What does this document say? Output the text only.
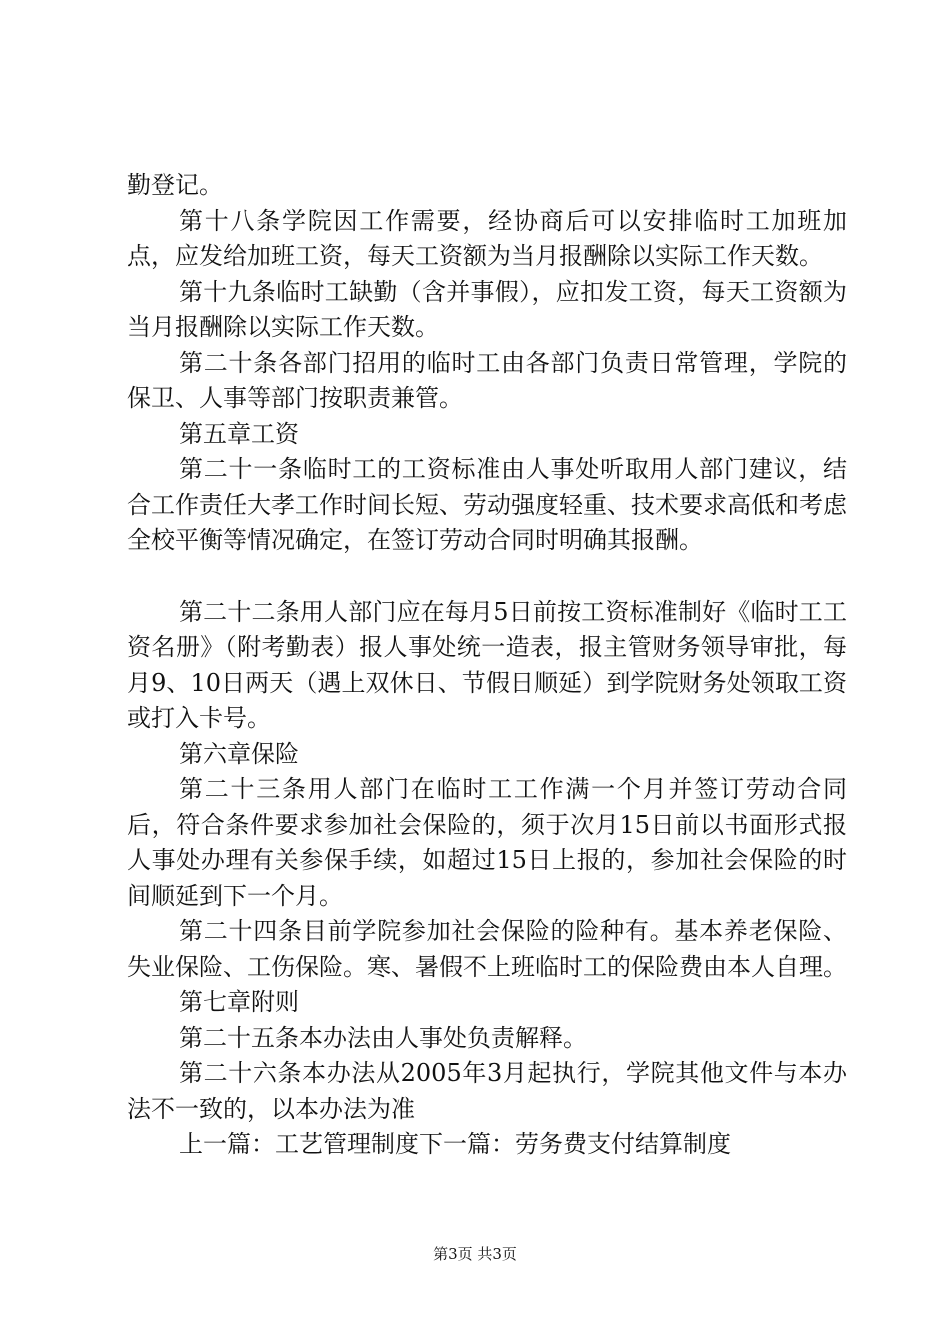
勤登记。

第十八条学院因工作需要，经协商后可以安排临时工加班加点，应发给加班工资，每天工资额为当月报酬除以实际工作天数。

第十九条临时工缺勤（含并事假），应扣发工资，每天工资额为当月报酬除以实际工作天数。

第二十条各部门招用的临时工由各部门负责日常管理，学院的保卫、人事等部门按职责兼管。

第五章工资

第二十一条临时工的工资标准由人事处听取用人部门建议，结合工作责任大孝工作时间长短、劳动强度轻重、技术要求高低和考虑全校平衡等情况确定，在签订劳动合同时明确其报酬。

第二十二条用人部门应在每月5日前按工资标准制好《临时工工资名册》（附考勤表）报人事处统一造表，报主管财务领导审批，每月9、10日两天（遇上双休日、节假日顺延）到学院财务处领取工资或打入卡号。

第六章保险

第二十三条用人部门在临时工工作满一个月并签订劳动合同后，符合条件要求参加社会保险的，须于次月15日前以书面形式报人事处办理有关参保手续，如超过15日上报的，参加社会保险的时间顺延到下一个月。

第二十四条目前学院参加社会保险的险种有。基本养老保险、失业保险、工伤保险。寒、暑假不上班临时工的保险费由本人自理。

第七章附则

第二十五条本办法由人事处负责解释。

第二十六条本办法从2005年3月起执行，学院其他文件与本办法不一致的，以本办法为准

上一篇：工艺管理制度下一篇：劳务费支付结算制度

第3页 共3页
